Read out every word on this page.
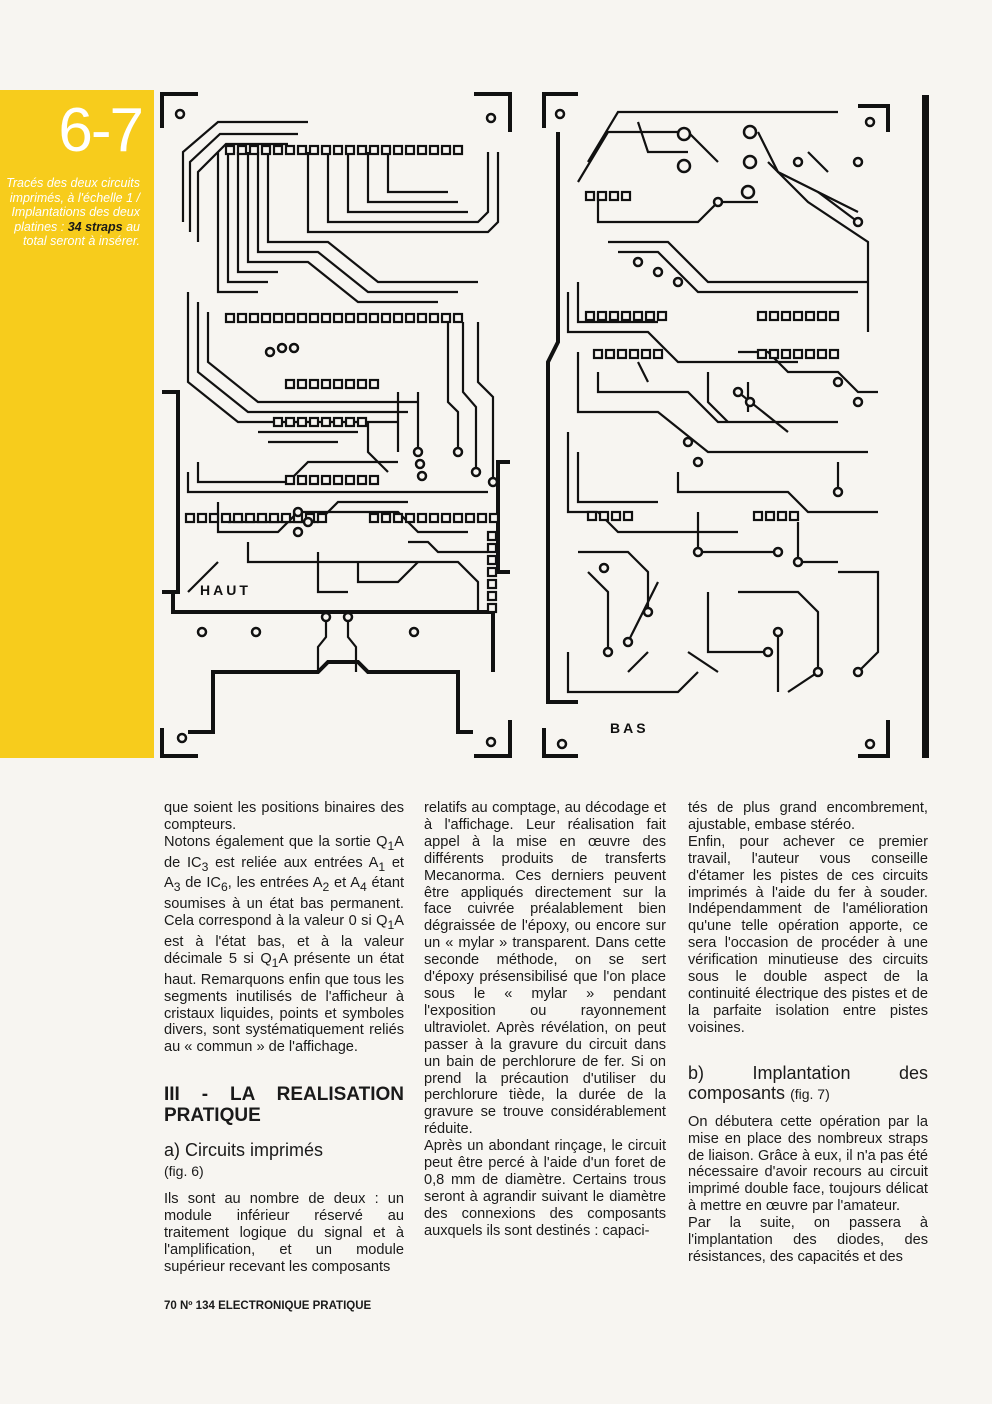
6-7
Tracés des deux circuits imprimés, à l'échelle 1 / Implantations des deux platines : 34 straps au total seront à insérer.
HAUT
BAS

que soient les positions binaires des compteurs.

Notons également que la sortie $Q_1A$ de $IC_3$ est reliée aux entrées $A_1$ et $A_3$ de $IC_6$, les entrées $A_2$ et $A_4$ étant soumises à un état bas permanent. Cela correspond à la valeur 0 si $Q_1A$ est à l'état bas, et à la valeur décimale 5 si $Q_1A$ présente un état haut. Remarquons enfin que tous les segments inutilisés de l'afficheur à cristaux liquides, points et symboles divers, sont systématiquement reliés au « commun » de l'affichage.

III - LA REALISATION PRATIQUE
a) Circuits imprimés
(fig. 6)

Ils sont au nombre de deux : un module inférieur réservé au traitement logique du signal et à l'amplification, et un module supérieur recevant les composants

relatifs au comptage, au décodage et à l'affichage. Leur réalisation fait appel à la mise en œuvre des différents produits de transferts Mecanorma. Ces derniers peuvent être appliqués directement sur la face cuivrée préalablement bien dégraissée de l'époxy, ou encore sur un « mylar » transparent. Dans cette seconde méthode, on se sert d'époxy présensibilisé que l'on place sous le « mylar » pendant l'exposition ou rayonnement ultraviolet. Après révélation, on peut passer à la gravure du circuit dans un bain de perchlorure de fer. Si on prend la précaution d'utiliser du perchlorure tiède, la durée de la gravure se trouve considérablement réduite.

Après un abondant rinçage, le circuit peut être percé à l'aide d'un foret de 0,8 mm de diamètre. Certains trous seront à agrandir suivant le diamètre des connexions des composants auxquels ils sont destinés : capaci-

tés de plus grand encombrement, ajustable, embase stéréo.

Enfin, pour achever ce premier travail, l'auteur vous conseille d'étamer les pistes de ces circuits imprimés à l'aide du fer à souder. Indépendamment de l'amélioration qu'une telle opération apporte, ce sera l'occasion de procéder à une vérification minutieuse des circuits sous le double aspect de la continuité électrique des pistes et de la parfaite isolation entre pistes voisines.

b) Implantation des composants (fig. 7)

On débutera cette opération par la mise en place des nombreux straps de liaison. Grâce à eux, il n'a pas été nécessaire d'avoir recours au circuit imprimé double face, toujours délicat à mettre en œuvre par l'amateur.

Par la suite, on passera à l'implantation des diodes, des résistances, des capacités et des

70 Nº 134 ELECTRONIQUE PRATIQUE
